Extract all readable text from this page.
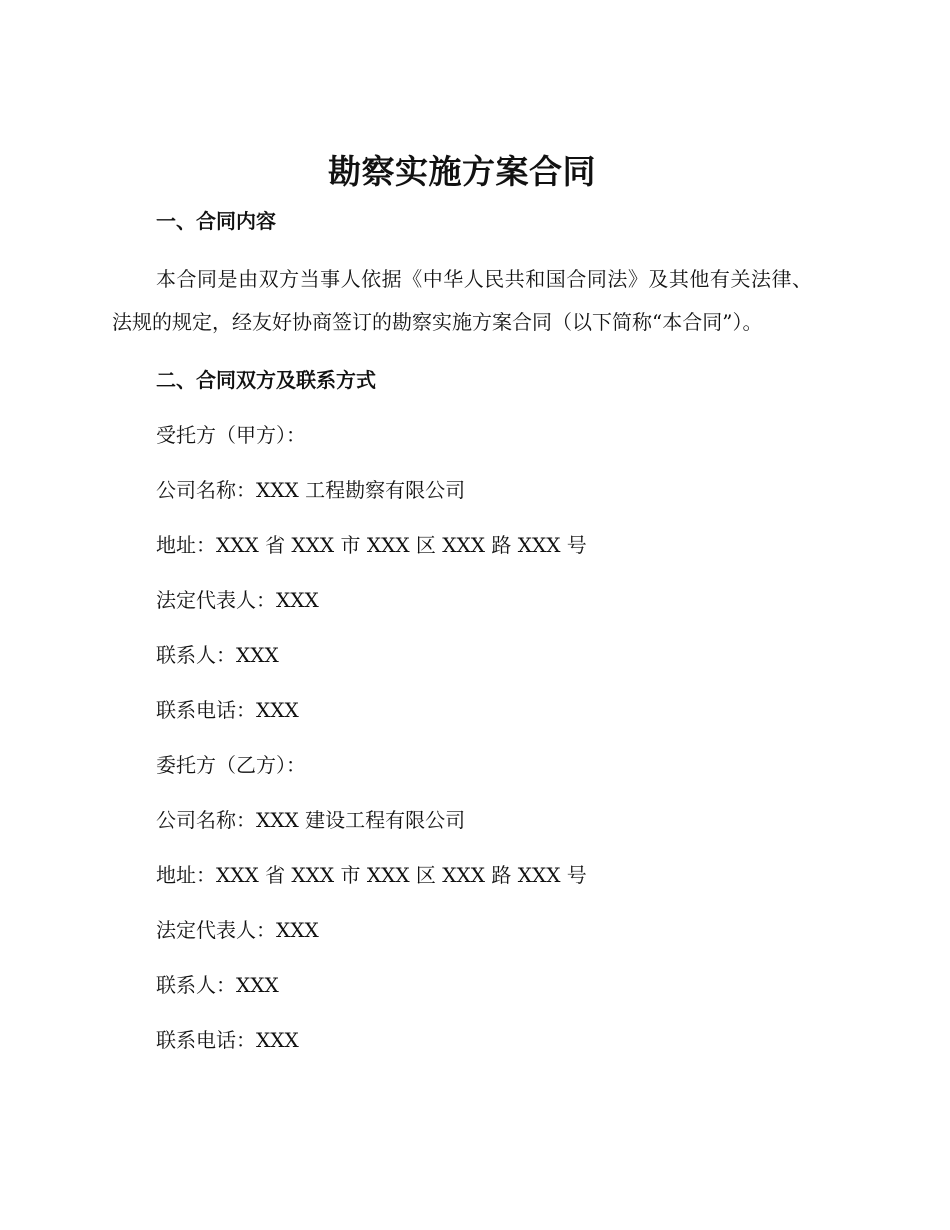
勘察实施方案合同
一、合同内容

本合同是由双方当事人依据《中华人民共和国合同法》及其他有关法律、法规的规定，经友好协商签订的勘察实施方案合同（以下简称“本合同”）。

二、合同双方及联系方式

受托方（甲方）：

公司名称：XXX 工程勘察有限公司

地址：XXX 省 XXX 市 XXX 区 XXX 路 XXX 号

法定代表人：XXX

联系人：XXX

联系电话：XXX

委托方（乙方）：

公司名称：XXX 建设工程有限公司

地址：XXX 省 XXX 市 XXX 区 XXX 路 XXX 号

法定代表人：XXX

联系人：XXX

联系电话：XXX
